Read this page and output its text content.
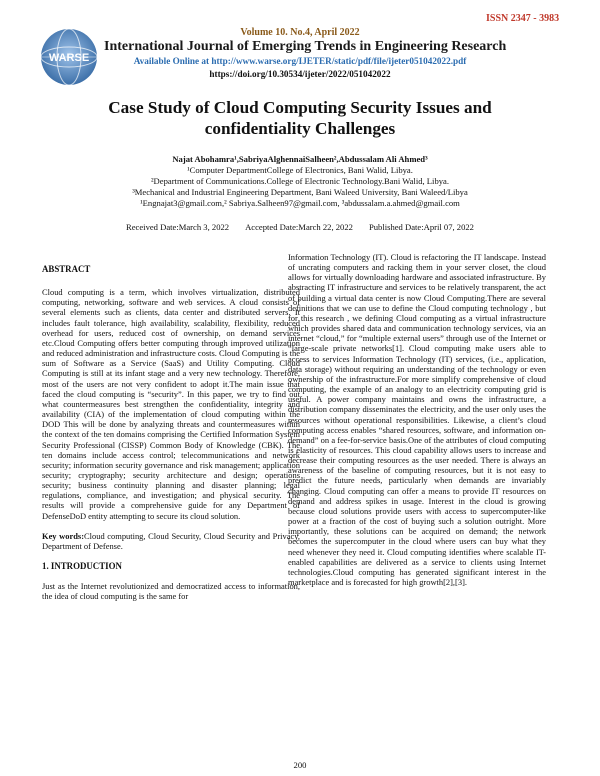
WARSE
ISSN 2347 - 3983
Volume 10. No.4, April 2022
International Journal of Emerging Trends in Engineering Research
Available Online at http://www.warse.org/IJETER/static/pdf/file/ijeter051042022.pdf
https://doi.org/10.30534/ijeter/2022/051042022
Case Study of Cloud Computing Security Issues and confidentiality Challenges
Najat Abohamra¹,SabriyaAlghennaiSalheen²,Abdussalam Ali Ahmed³
¹Computer DepartmentCollege of Electronics, Bani Walid, Libya.
²Department of Communications.College of Electronic Technology.Bani Walid, Libya.
³Mechanical and Industrial Engineering Department, Bani Waleed University, Bani Waleed/Libya
¹Engnajat3@gmail.com,² Sabriya.Salheen97@gmail.com, ³abdussalam.a.ahmed@gmail.com
Received Date:March 3, 2022 Accepted Date:March 22, 2022 Published Date:April 07, 2022

ABSTRACT

Cloud computing is a term, which involves virtualization, distributed computing, networking, software and web services. A cloud consists of several elements such as clients, data center and distributed servers. It includes fault tolerance, high availability, scalability, flexibility, reduced overhead for users, reduced cost of ownership, on demand services etc.Cloud Computing offers better computing through improved utilization and reduced administration and infrastructure costs. Cloud Computing is the sum of Software as a Service (SaaS) and Utility Computing. Cloud Computing is still at its infant stage and a very new technology. Therefore, most of the users are not very confident to adopt it.The main issue that faced the cloud computing is “security”. In this paper, we try to find out what countermeasures best strengthen the confidentiality, integrity and availability (CIA) of the implementation of cloud computing within the DOD This will be done by analyzing threats and countermeasures within the context of the ten domains comprising the Certified Information System Security Professional (CISSP) Common Body of Knowledge (CBK). The ten domains include access control; telecommunications and network security; information security governance and risk management; application security; cryptography; security architecture and design; operations security; business continuity planning and disaster planning; legal regulations, compliance, and investigation; and physical security. The results will provide a comprehensive guide for any Department of DefenseDoD entity attempting to secure its cloud solution.

Key words:Cloud computing, Cloud Security, Cloud Security and Privacy, Department of Defense.

1. INTRODUCTION

Just as the Internet revolutionized and democratized access to information, the idea of cloud computing is the same for

Information Technology (IT). Cloud is refactoring the IT landscape. Instead of uncrating computers and racking them in your server closet, the cloud allows for virtually downloading hardware and associated infrastructure. By abstracting IT infrastructure and services to be relatively transparent, the act of building a virtual data center is now Cloud Computing.There are several definitions that we can use to define the Cloud computing technology , but for this research , we defining Cloud computing as a virtual infrastructure which provides shared data and communication technology services, via an internet “cloud,” for “multiple external users” through use of the Internet or “large-scale private networks[1]. Cloud computing make users able to access to services Information Technology (IT) services, (i.e., application, data storage) without requiring an understanding of the technology or even ownership of the infrastructure.For more simplify comprehensive of cloud computing, the example of an analogy to an electricity computing grid is useful. A power company maintains and owns the infrastructure, a distribution company disseminates the electricity, and the user only uses the resources without operational responsibilities. Likewise, a client’s cloud computing access enables “shared resources, software, and information on-demand” on a fee-for-service basis.One of the attributes of cloud computing is elasticity of resources. This cloud capability allows users to increase and decrease their computing resources as the user needed. There is always an awareness of the baseline of computing resources, but it is not easy to predict the future needs, particularly when demands are invariably changing. Cloud computing can offer a means to provide IT resources on demand and address spikes in usage. Interest in the cloud is growing because cloud solutions provide users with access to supercomputer-like power at a fraction of the cost of buying such a solution outright. More importantly, these solutions can be acquired on demand; the network becomes the supercomputer in the cloud where users can buy what they need whenever they need it. Cloud computing identifies where scalable IT-enabled capabilities are delivered as a service to clients using Internet technologies.Cloud computing has generated significant interest in the marketplace and is forecasted for high growth[2],[3].

200
